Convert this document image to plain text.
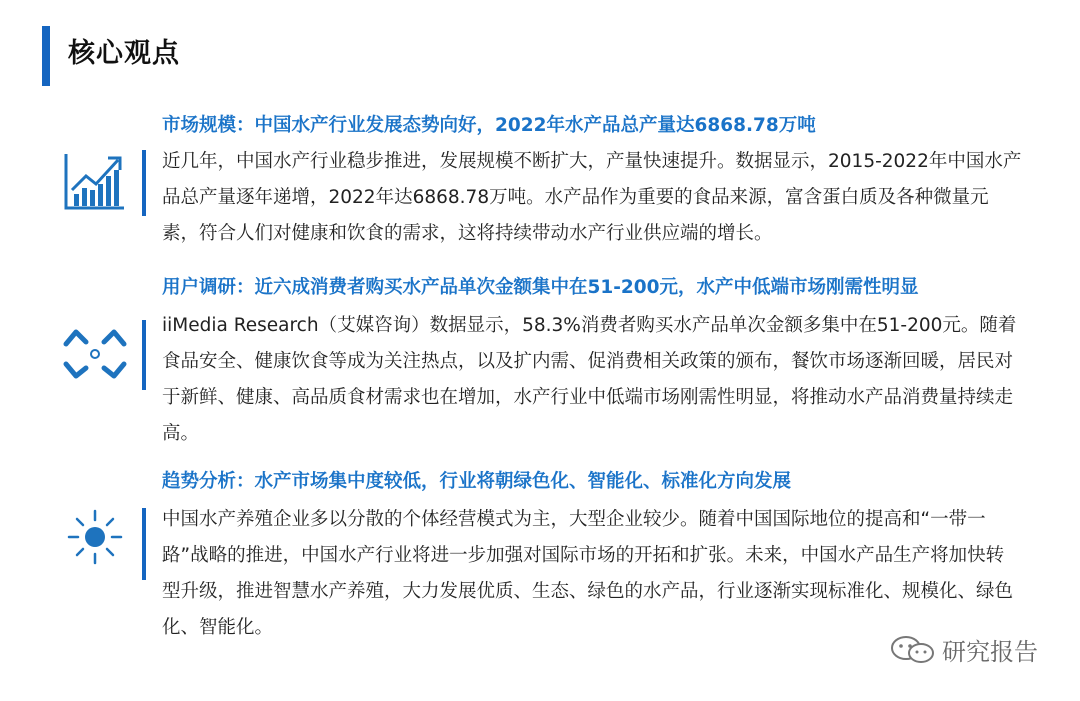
核心观点
市场规模：中国水产行业发展态势向好，2022年水产品总产量达6868.78万吨
近几年，中国水产行业稳步推进，发展规模不断扩大，产量快速提升。数据显示，2015-2022年中国水产品总产量逐年递增，2022年达6868.78万吨。水产品作为重要的食品来源，富含蛋白质及各种微量元素，符合人们对健康和饮食的需求，这将持续带动水产行业供应端的增长。
用户调研：近六成消费者购买水产品单次金额集中在51-200元，水产中低端市场刚需性明显
iiMedia Research（艾媒咨询）数据显示，58.3%消费者购买水产品单次金额多集中在51-200元。随着食品安全、健康饮食等成为关注热点，以及扩内需、促消费相关政策的颁布，餐饮市场逐渐回暖，居民对于新鲜、健康、高品质食材需求也在增加，水产行业中低端市场刚需性明显，将推动水产品消费量持续走高。
趋势分析：水产市场集中度较低，行业将朝绿色化、智能化、标准化方向发展
中国水产养殖企业多以分散的个体经营模式为主，大型企业较少。随着中国国际地位的提高和“一带一路”战略的推进，中国水产行业将进一步加强对国际市场的开拓和扩张。未来，中国水产品生产将加快转型升级，推进智慧水产养殖，大力发展优质、生态、绿色的水产品，行业逐渐实现标准化、规模化、绿色化、智能化。
研究报告
